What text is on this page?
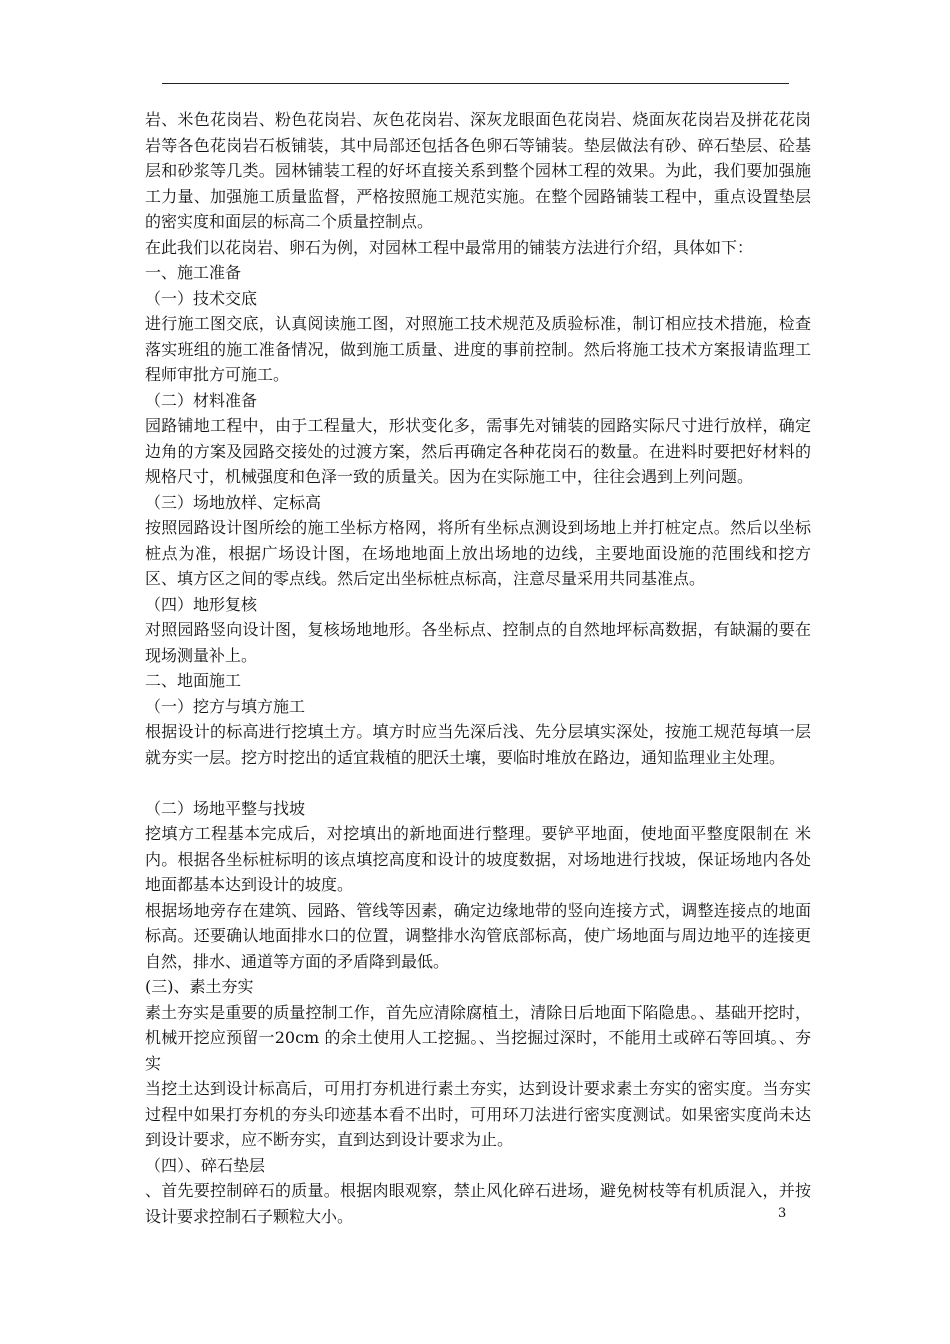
岩、米色花岗岩、粉色花岗岩、灰色花岗岩、深灰龙眼面色花岗岩、烧面灰花岗岩及拼花花岗岩等各色花岗岩石板铺装，其中局部还包括各色卵石等铺装。垫层做法有砂、碎石垫层、砼基层和砂浆等几类。园林铺装工程的好坏直接关系到整个园林工程的效果。为此，我们要加强施工力量、加强施工质量监督，严格按照施工规范实施。在整个园路铺装工程中，重点设置垫层的密实度和面层的标高二个质量控制点。

在此我们以花岗岩、卵石为例，对园林工程中最常用的铺装方法进行介绍，具体如下：

一、施工准备

（一）技术交底

进行施工图交底，认真阅读施工图，对照施工技术规范及质验标准，制订相应技术措施，检查落实班组的施工准备情况，做到施工质量、进度的事前控制。然后将施工技术方案报请监理工程师审批方可施工。

（二）材料准备

园路铺地工程中，由于工程量大，形状变化多，需事先对铺装的园路实际尺寸进行放样，确定边角的方案及园路交接处的过渡方案，然后再确定各种花岗石的数量。在进料时要把好材料的规格尺寸，机械强度和色泽一致的质量关。因为在实际施工中，往往会遇到上列问题。

（三）场地放样、定标高

按照园路设计图所绘的施工坐标方格网，将所有坐标点测设到场地上并打桩定点。然后以坐标桩点为准，根据广场设计图，在场地地面上放出场地的边线，主要地面设施的范围线和挖方区、填方区之间的零点线。然后定出坐标桩点标高，注意尽量采用共同基准点。

（四）地形复核

对照园路竖向设计图，复核场地地形。各坐标点、控制点的自然地坪标高数据，有缺漏的要在现场测量补上。

二、地面施工

（一）挖方与填方施工

根据设计的标高进行挖填土方。填方时应当先深后浅、先分层填实深处，按施工规范每填一层就夯实一层。挖方时挖出的适宜栽植的肥沃土壤，要临时堆放在路边，通知监理业主处理。

（二）场地平整与找坡

挖填方工程基本完成后，对挖填出的新地面进行整理。要铲平地面，使地面平整度限制在 米内。根据各坐标桩标明的该点填挖高度和设计的坡度数据，对场地进行找坡，保证场地内各处地面都基本达到设计的坡度。

根据场地旁存在建筑、园路、管线等因素，确定边缘地带的竖向连接方式，调整连接点的地面标高。还要确认地面排水口的位置，调整排水沟管底部标高，使广场地面与周边地平的连接更自然，排水、通道等方面的矛盾降到最低。

(三)、素土夯实

素土夯实是重要的质量控制工作，首先应清除腐植土，清除日后地面下陷隐患。、基础开挖时，机械开挖应预留一20cm 的余土使用人工挖掘。、当挖掘过深时，不能用土或碎石等回填。、夯实

当挖土达到设计标高后，可用打夯机进行素土夯实，达到设计要求素土夯实的密实度。当夯实过程中如果打夯机的夯头印迹基本看不出时，可用环刀法进行密实度测试。如果密实度尚未达到设计要求，应不断夯实，直到达到设计要求为止。

（四）、碎石垫层

、首先要控制碎石的质量。根据肉眼观察，禁止风化碎石进场，避免树枝等有机质混入，并按设计要求控制石子颗粒大小。	3
